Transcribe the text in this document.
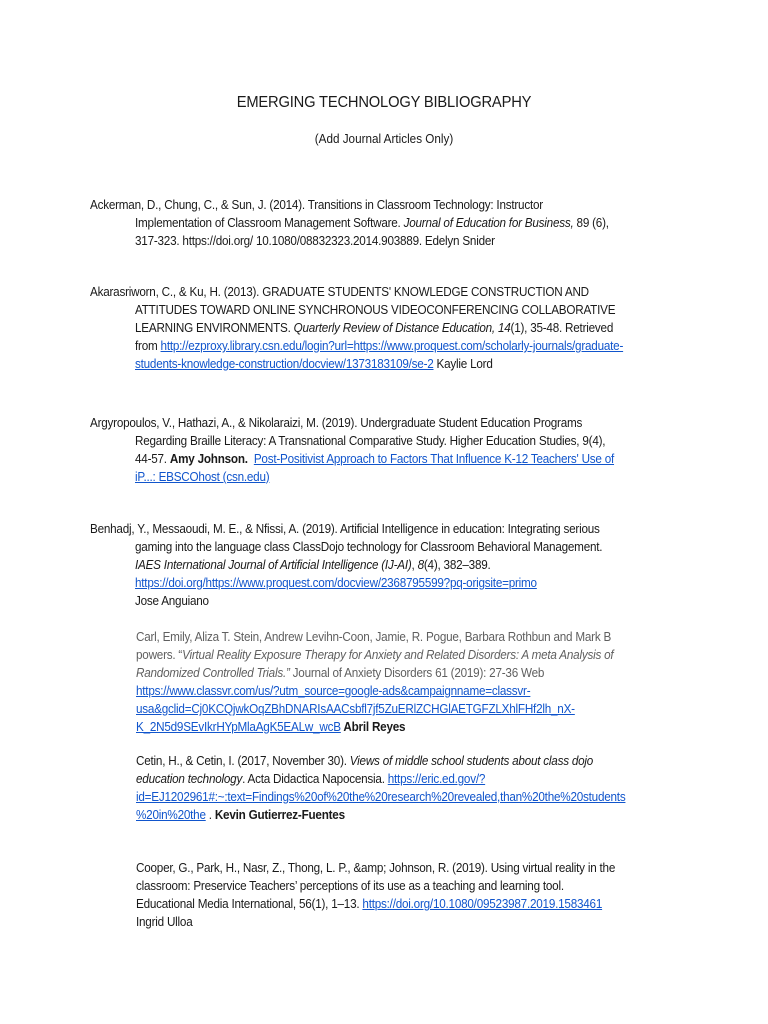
EMERGING TECHNOLOGY BIBLIOGRAPHY
(Add Journal Articles Only)
Ackerman, D., Chung, C., & Sun, J. (2014). Transitions in Classroom Technology: Instructor
Implementation of Classroom Management Software. Journal of Education for Business, 89 (6),
317-323. https://doi.org/ 10.1080/08832323.2014.903889. Edelyn Snider
Akarasriworn, C., & Ku, H. (2013). GRADUATE STUDENTS' KNOWLEDGE CONSTRUCTION AND
ATTITUDES TOWARD ONLINE SYNCHRONOUS VIDEOCONFERENCING COLLABORATIVE
LEARNING ENVIRONMENTS. Quarterly Review of Distance Education, 14(1), 35-48. Retrieved
from http://ezproxy.library.csn.edu/login?url=https://www.proquest.com/scholarly-journals/graduate-
students-knowledge-construction/docview/1373183109/se-2 Kaylie Lord
Argyropoulos, V., Hathazi, A., & Nikolaraizi, M. (2019). Undergraduate Student Education Programs
Regarding Braille Literacy: A Transnational Comparative Study. Higher Education Studies, 9(4),
44-57. Amy Johnson. Post-Positivist Approach to Factors That Influence K-12 Teachers' Use of
iP...: EBSCOhost (csn.edu)
Benhadj, Y., Messaoudi, M. E., & Nfissi, A. (2019). Artificial Intelligence in education: Integrating serious
gaming into the language class ClassDojo technology for Classroom Behavioral Management.
IAES International Journal of Artificial Intelligence (IJ-AI), 8(4), 382–389.
https://doi.org/https://www.proquest.com/docview/2368795599?pq-origsite=primo
Jose Anguiano
Carl, Emily, Aliza T. Stein, Andrew Levihn-Coon, Jamie, R. Pogue, Barbara Rothbun and Mark B
powers. “Virtual Reality Exposure Therapy for Anxiety and Related Disorders: A meta Analysis of
Randomized Controlled Trials.” Journal of Anxiety Disorders 61 (2019): 27-36 Web
https://www.classvr.com/us/?utm_source=google-ads&campaignname=classvr-
usa&gclid=Cj0KCQjwkOqZBhDNARIsAACsbfl7jf5ZuERlZCHGlAETGFZLXhlFHf2lh_nX-
K_2N5d9SEvIkrHYpMlaAgK5EALw_wcB Abril Reyes
Cetin, H., & Cetin, I. (2017, November 30). Views of middle school students about class dojo
education technology. Acta Didactica Napocensia. https://eric.ed.gov/?
id=EJ1202961#:~:text=Findings%20of%20the%20research%20revealed,than%20the%20students
%20in%20the . Kevin Gutierrez-Fuentes
Cooper, G., Park, H., Nasr, Z., Thong, L. P., &amp; Johnson, R. (2019). Using virtual reality in the
classroom: Preservice Teachers’ perceptions of its use as a teaching and learning tool.
Educational Media International, 56(1), 1–13. https://doi.org/10.1080/09523987.2019.1583461
Ingrid Ulloa
